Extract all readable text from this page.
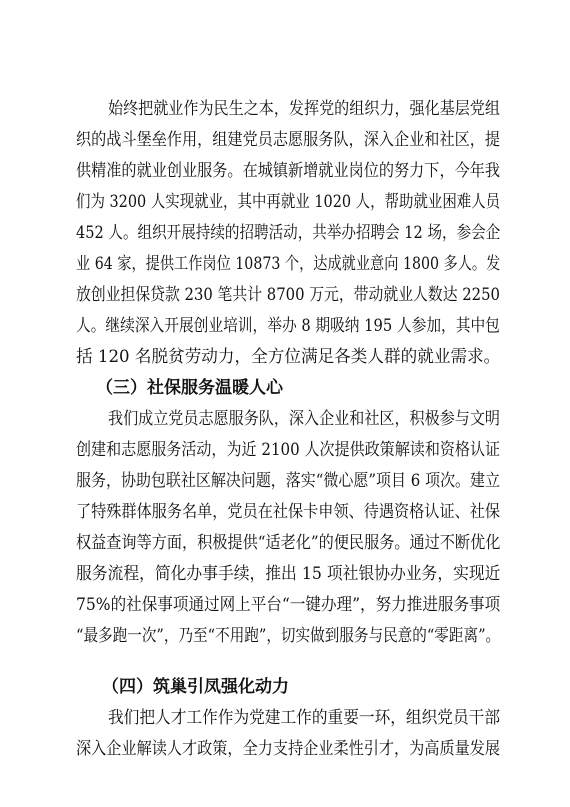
始终把就业作为民生之本，发挥党的组织力，强化基层党组
织的战斗堡垒作用，组建党员志愿服务队，深入企业和社区，提
供精准的就业创业服务。在城镇新增就业岗位的努力下，今年我
们为 3200 人实现就业，其中再就业 1020 人，帮助就业困难人员
452 人。组织开展持续的招聘活动，共举办招聘会 12 场，参会企
业 64 家，提供工作岗位 10873 个，达成就业意向 1800 多人。发
放创业担保贷款 230 笔共计 8700 万元，带动就业人数达 2250
人。继续深入开展创业培训，举办 8 期吸纳 195 人参加，其中包
括 120 名脱贫劳动力，全方位满足各类人群的就业需求。
（三）社保服务温暖人心
我们成立党员志愿服务队，深入企业和社区，积极参与文明
创建和志愿服务活动，为近 2100 人次提供政策解读和资格认证
服务，协助包联社区解决问题，落实“微心愿”项目 6 项次。建立
了特殊群体服务名单，党员在社保卡申领、待遇资格认证、社保
权益查询等方面，积极提供“适老化”的便民服务。通过不断优化
服务流程，简化办事手续，推出 15 项社银协办业务，实现近
75%的社保事项通过网上平台“一键办理”，努力推进服务事项
“最多跑一次”，乃至“不用跑”，切实做到服务与民意的“零距离”。
（四）筑巢引凤强化动力
我们把人才工作作为党建工作的重要一环，组织党员干部
深入企业解读人才政策，全力支持企业柔性引才，为高质量发展
